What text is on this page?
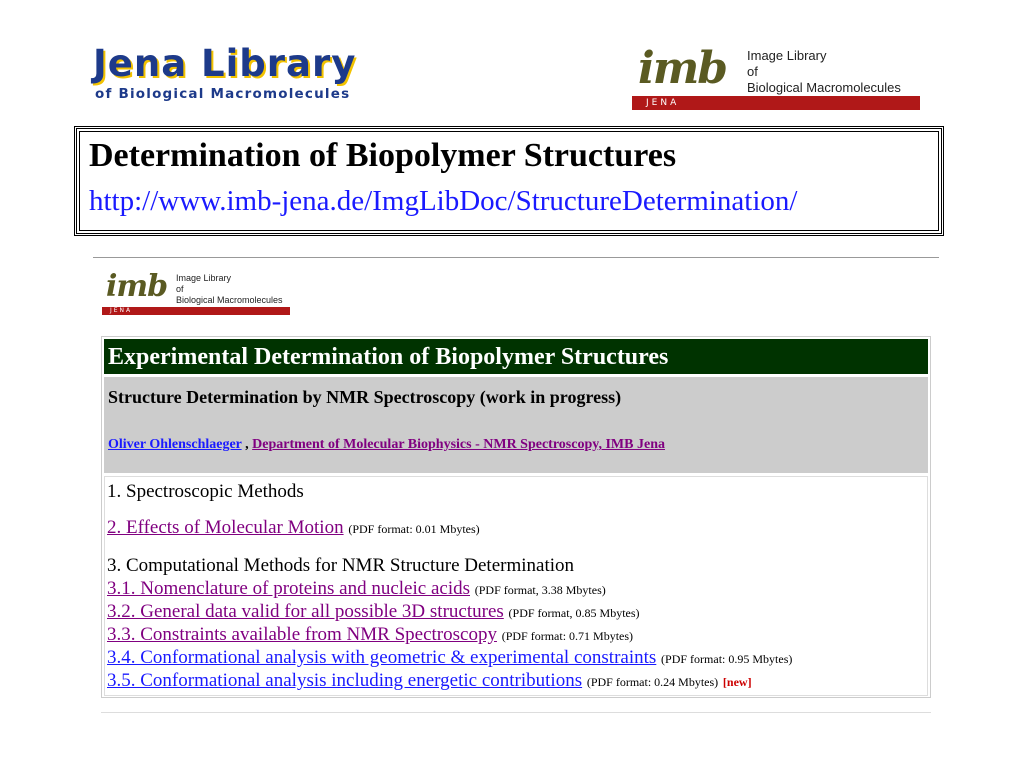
Jena Library
of Biological Macromolecules	imb Image Library
of
Biological Macromolecules
JENA
Determination of Biopolymer Structures
http://www.imb-jena.de/ImgLibDoc/StructureDetermination/
imb Image Library
of
Biological Macromolecules
JENA
Experimental Determination of Biopolymer Structures
Structure Determination by NMR Spectroscopy (work in progress)
Oliver Ohlenschlaeger , Department of Molecular Biophysics - NMR Spectroscopy, IMB Jena
1. Spectroscopic Methods
2. Effects of Molecular Motion (PDF format: 0.01 Mbytes)
3. Computational Methods for NMR Structure Determination
3.1. Nomenclature of proteins and nucleic acids (PDF format, 3.38 Mbytes)
3.2. General data valid for all possible 3D structures (PDF format, 0.85 Mbytes)
3.3. Constraints available from NMR Spectroscopy (PDF format: 0.71 Mbytes)
3.4. Conformational analysis with geometric & experimental constraints (PDF format: 0.95 Mbytes)
3.5. Conformational analysis including energetic contributions (PDF format: 0.24 Mbytes) [new]
